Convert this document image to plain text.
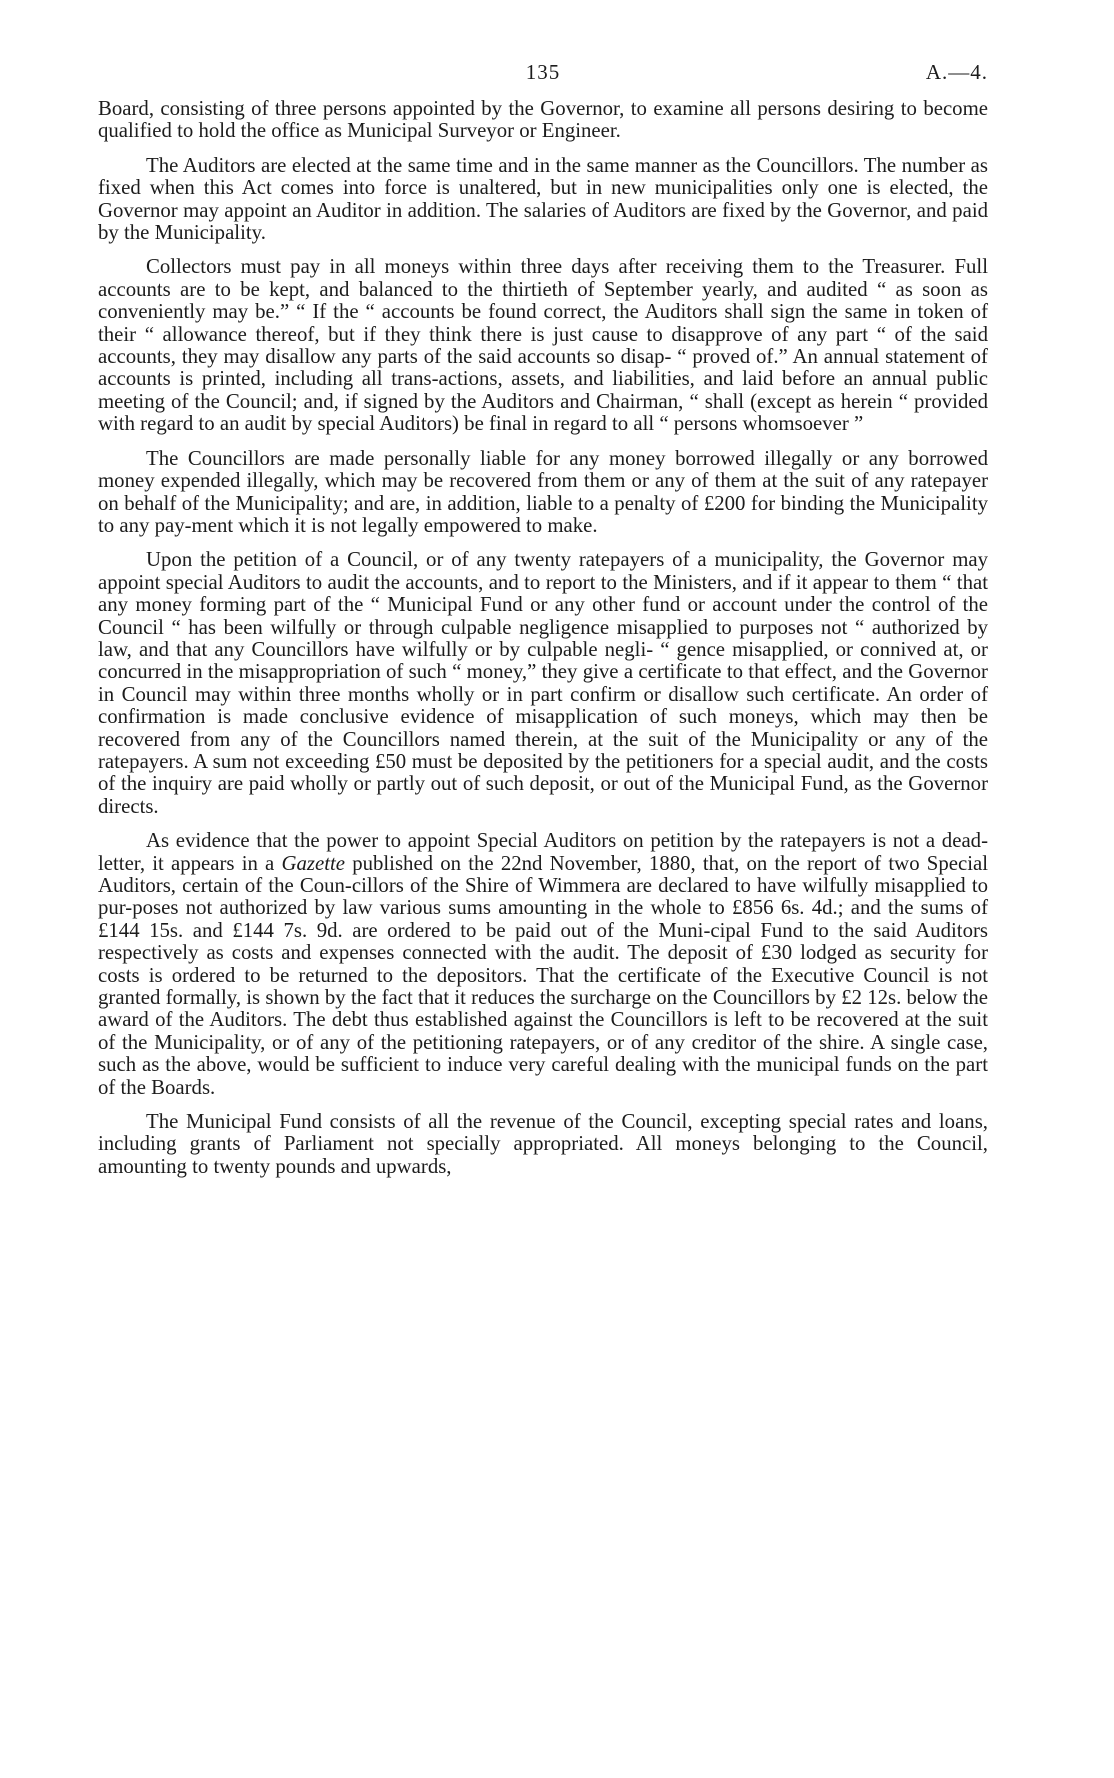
135	A.—4.

Board, consisting of three persons appointed by the Governor, to examine all persons desiring to become qualified to hold the office as Municipal Surveyor or Engineer.

The Auditors are elected at the same time and in the same manner as the Councillors. The number as fixed when this Act comes into force is unaltered, but in new municipalities only one is elected, the Governor may appoint an Auditor in addition. The salaries of Auditors are fixed by the Governor, and paid by the Municipality.

Collectors must pay in all moneys within three days after receiving them to the Treasurer. Full accounts are to be kept, and balanced to the thirtieth of September yearly, and audited “ as soon as conveniently may be.” “ If the “ accounts be found correct, the Auditors shall sign the same in token of their “ allowance thereof, but if they think there is just cause to disapprove of any part “ of the said accounts, they may disallow any parts of the said accounts so disap- “ proved of.” An annual statement of accounts is printed, including all trans-actions, assets, and liabilities, and laid before an annual public meeting of the Council; and, if signed by the Auditors and Chairman, “ shall (except as herein “ provided with regard to an audit by special Auditors) be final in regard to all “ persons whomsoever ”

The Councillors are made personally liable for any money borrowed illegally or any borrowed money expended illegally, which may be recovered from them or any of them at the suit of any ratepayer on behalf of the Municipality; and are, in addition, liable to a penalty of £200 for binding the Municipality to any pay-ment which it is not legally empowered to make.

Upon the petition of a Council, or of any twenty ratepayers of a municipality, the Governor may appoint special Auditors to audit the accounts, and to report to the Ministers, and if it appear to them “ that any money forming part of the “ Municipal Fund or any other fund or account under the control of the Council “ has been wilfully or through culpable negligence misapplied to purposes not “ authorized by law, and that any Councillors have wilfully or by culpable negli- “ gence misapplied, or connived at, or concurred in the misappropriation of such “ money,” they give a certificate to that effect, and the Governor in Council may within three months wholly or in part confirm or disallow such certificate. An order of confirmation is made conclusive evidence of misapplication of such moneys, which may then be recovered from any of the Councillors named therein, at the suit of the Municipality or any of the ratepayers. A sum not exceeding £50 must be deposited by the petitioners for a special audit, and the costs of the inquiry are paid wholly or partly out of such deposit, or out of the Municipal Fund, as the Governor directs.

As evidence that the power to appoint Special Auditors on petition by the ratepayers is not a dead-letter, it appears in a Gazette published on the 22nd November, 1880, that, on the report of two Special Auditors, certain of the Coun-cillors of the Shire of Wimmera are declared to have wilfully misapplied to pur-poses not authorized by law various sums amounting in the whole to £856 6s. 4d.; and the sums of £144 15s. and £144 7s. 9d. are ordered to be paid out of the Muni-cipal Fund to the said Auditors respectively as costs and expenses connected with the audit. The deposit of £30 lodged as security for costs is ordered to be returned to the depositors. That the certificate of the Executive Council is not granted formally, is shown by the fact that it reduces the surcharge on the Councillors by £2 12s. below the award of the Auditors. The debt thus established against the Councillors is left to be recovered at the suit of the Municipality, or of any of the petitioning ratepayers, or of any creditor of the shire. A single case, such as the above, would be sufficient to induce very careful dealing with the municipal funds on the part of the Boards.

The Municipal Fund consists of all the revenue of the Council, excepting special rates and loans, including grants of Parliament not specially appropriated. All moneys belonging to the Council, amounting to twenty pounds and upwards,
